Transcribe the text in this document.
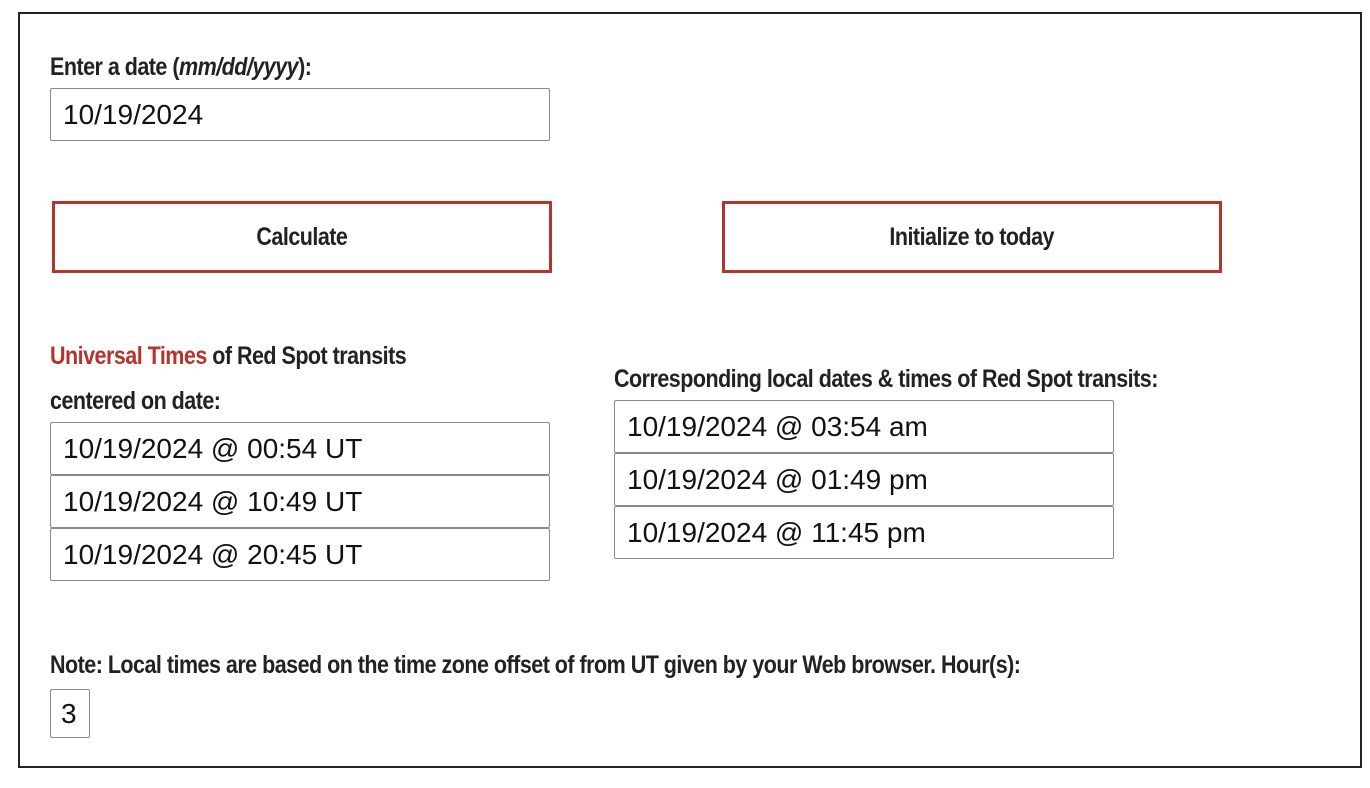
Enter a date (mm/dd/yyyy):
10/19/2024
Calculate	Initialize to today
Universal Times of Red Spot transits
centered on date:
10/19/2024 @ 00:54 UT
10/19/2024 @ 10:49 UT
10/19/2024 @ 20:45 UT
Corresponding local dates & times of Red Spot transits:
10/19/2024 @ 03:54 am
10/19/2024 @ 01:49 pm
10/19/2024 @ 11:45 pm
Note: Local times are based on the time zone offset of from UT given by your Web browser. Hour(s):
3
